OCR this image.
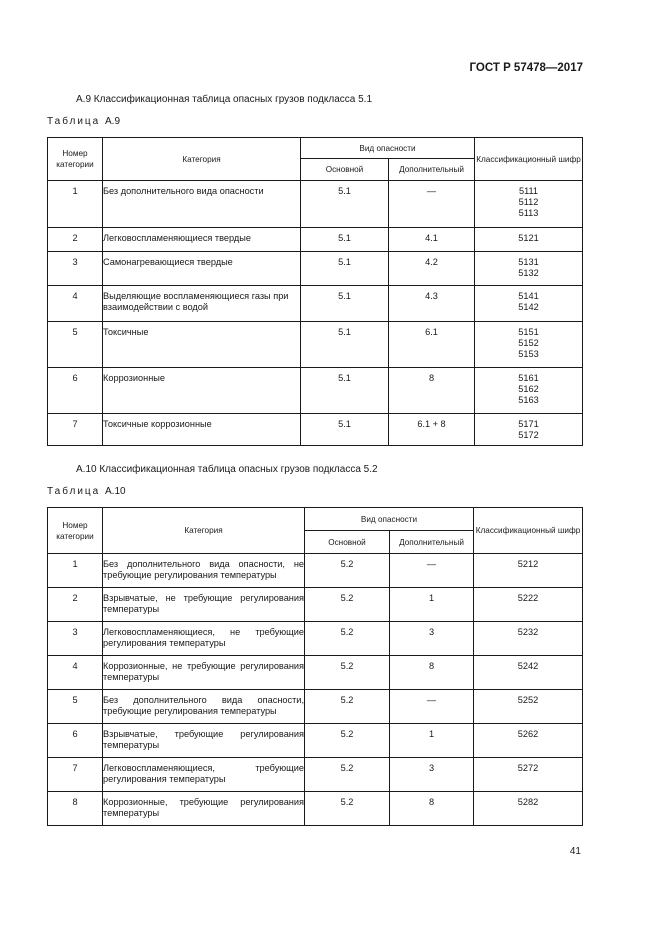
ГОСТ Р 57478—2017
А.9 Классификационная таблица опасных грузов подкласса 5.1
Таблица А.9
Номер категории	Категория	Вид опасности		Классификационный шифр
		Основной	Дополнительный	
1	Без дополнительного вида опасности	5.1	—	5111
5112
5113

2	Легковоспламеняющиеся твердые	5.1	4.1	5121

3	Самонагревающиеся твердые	5.1	4.2	5131
5132

4	Выделяющие воспламеняющиеся газы при взаимодействии с водой	5.1	4.3	5141
5142

5	Токсичные	5.1	6.1	5151
5152
5153

6	Коррозионные	5.1	8	5161
5162
5163

7	Токсичные коррозионные	5.1	6.1 + 8	5171
5172
А.10 Классификационная таблица опасных грузов подкласса 5.2
Таблица А.10
Номер категории	Категория	Вид опасности		Классификационный шифр
		Основной	Дополнительный	
1	Без дополнительного вида опасности, не требующие регулирования температуры	5.2	—	5212

2	Взрывчатые, не требующие регулирования температуры	5.2	1	5222

3	Легковоспламеняющиеся, не требующие регулирования температуры	5.2	3	5232

4	Коррозионные, не требующие регулирования температуры	5.2	8	5242

5	Без дополнительного вида опасности, требующие регулирования температуры	5.2	—	5252

6	Взрывчатые, требующие регулирования температуры	5.2	1	5262

7	Легковоспламеняющиеся, требующие регулирования температуры	5.2	3	5272

8	Коррозионные, требующие регулирования температуры	5.2	8	5282
41
